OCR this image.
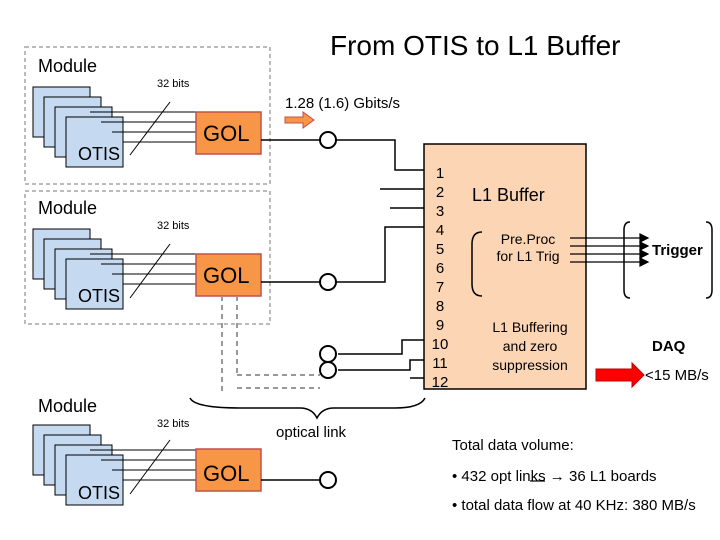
From OTIS to L1 Buffer
Module
32 bits
OTIS
GOL
Module
32 bits
OTIS
GOL
Module
32 bits
OTIS
GOL
1.28 (1.6) Gbits/s
optical link
1
2
3
4
5
6
7
8
9
10
11
12
L1 Buffer
Pre.Proc
for L1 Trig
L1 Buffering
and zero
suppression
Trigger
DAQ
<15 MB/s
Total data volume:
• 432 opt links → 36 L1 boards
• total data flow at 40 KHz: 380 MB/s
